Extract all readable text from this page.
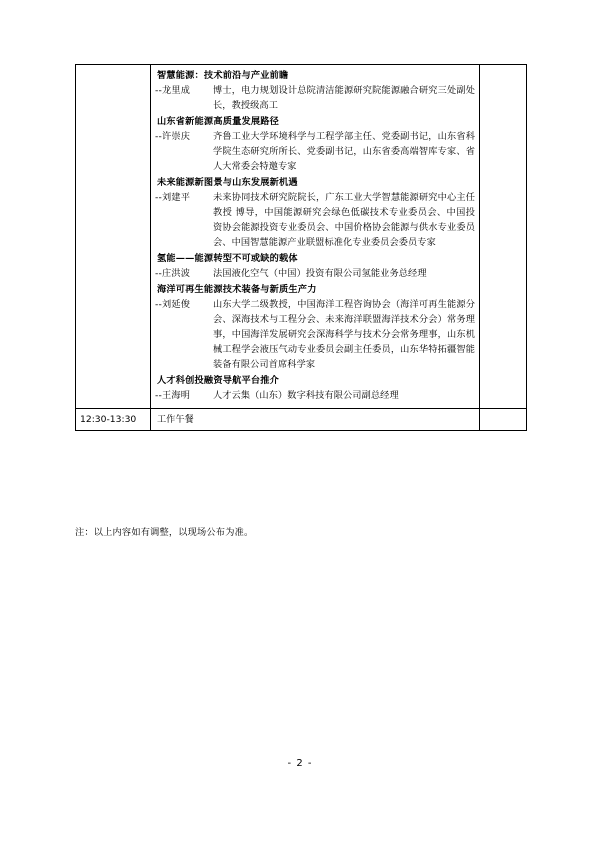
智慧能源：技术前沿与产业前瞻
--龙里成	博士，电力规划设计总院清洁能源研究院能源融合研究三处副处长，教授级高工
山东省新能源高质量发展路径
--许崇庆	齐鲁工业大学环境科学与工程学部主任、党委副书记，山东省科学院生态研究所所长、党委副书记，山东省委高端智库专家、省人大常委会特邀专家
未来能源新图景与山东发展新机遇
--刘建平	未来协同技术研究院院长，广东工业大学智慧能源研究中心主任 教授 博导，中国能源研究会绿色低碳技术专业委员会、中国投资协会能源投资专业委员会、中国价格协会能源与供水专业委员会、中国智慧能源产业联盟标准化专业委员会委员专家
氢能——能源转型不可或缺的载体
--庄洪波	法国液化空气（中国）投资有限公司氢能业务总经理
海洋可再生能源技术装备与新质生产力
--刘延俊	山东大学二级教授，中国海洋工程咨询协会（海洋可再生能源分会、深海技术与工程分会、未来海洋联盟海洋技术分会）常务理事，中国海洋发展研究会深海科学与技术分会常务理事，山东机械工程学会液压气动专业委员会副主任委员，山东华特拓疆智能装备有限公司首席科学家
人才科创投融资导航平台推介
--王海明	人才云集（山东）数字科技有限公司副总经理

12:30-13:30	工作午餐	

注：以上内容如有调整，以现场公布为准。
- 2 -
